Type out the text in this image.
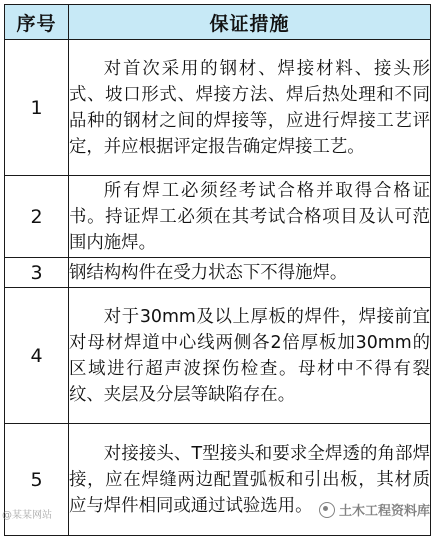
序号	保证措施
1	对首次采用的钢材、焊接材料、接头形式、坡口形式、焊接方法、焊后热处理和不同品种的钢材之间的焊接等，应进行焊接工艺评定，并应根据评定报告确定焊接工艺。
2	所有焊工必须经考试合格并取得合格证书。持证焊工必须在其考试合格项目及认可范围内施焊。
3	钢结构构件在受力状态下不得施焊。
4	对于30mm及以上厚板的焊件，焊接前宜对母材焊道中心线两侧各2倍厚板加30mm的区域进行超声波探伤检查。母材中不得有裂纹、夹层及分层等缺陷存在。
5	对接接头、T型接头和要求全焊透的角部焊接，应在焊缝两边配置弧板和引出板，其材质应与焊件相同或通过试验选用。
@某某网站	土木工程资料库
